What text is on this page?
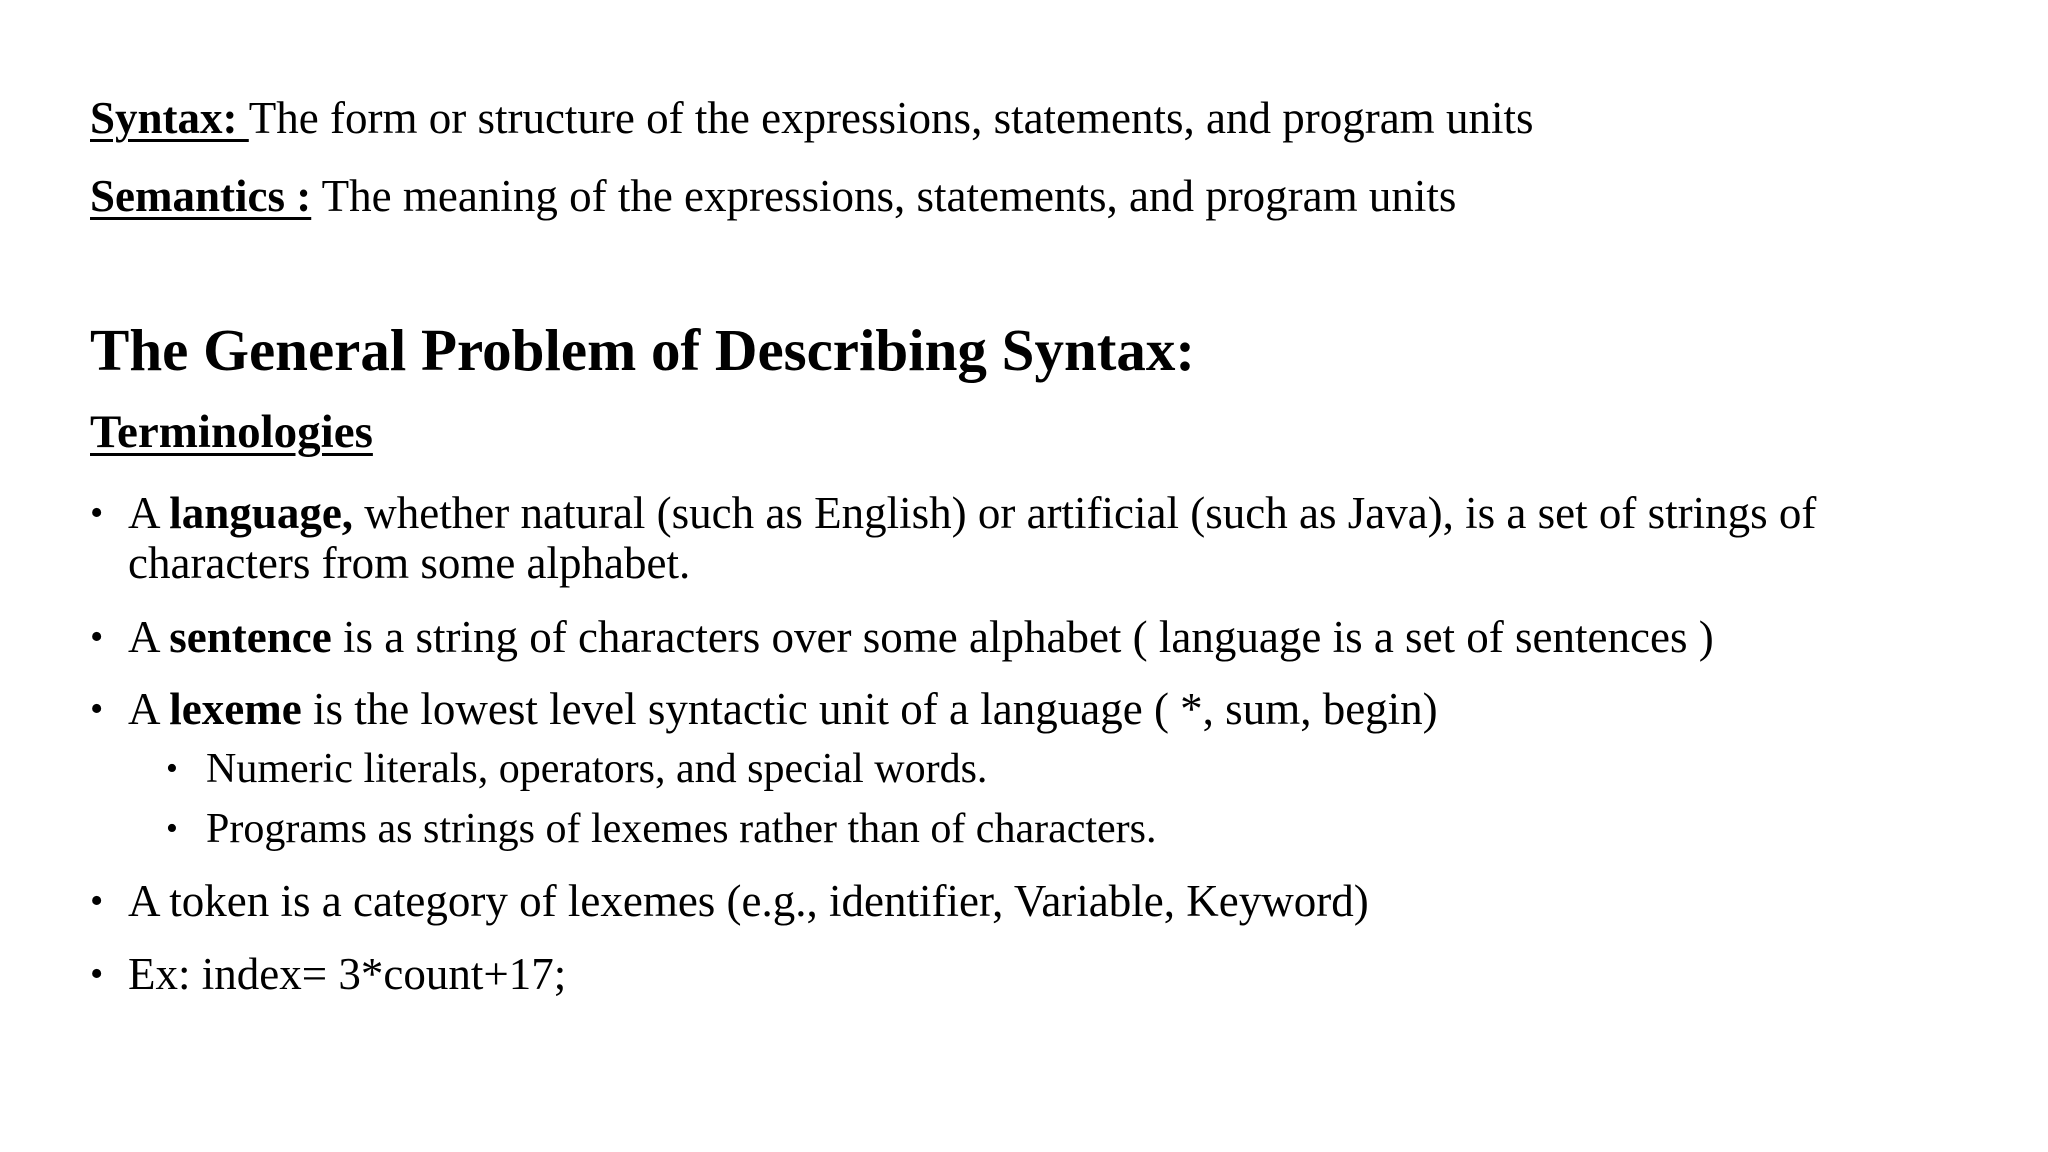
Syntax: The form or structure of the expressions, statements, and program units
Semantics : The meaning of the expressions, statements, and program units
The General Problem of Describing Syntax:
Terminologies
• A language, whether natural (such as English) or artificial (such as Java), is a set of strings of characters from some alphabet.
• A sentence is a string of characters over some alphabet ( language is a set of sentences )
• A lexeme is the lowest level syntactic unit of a language ( *, sum, begin)
• Numeric literals, operators, and special words.
• Programs as strings of lexemes rather than of characters.
• A token is a category of lexemes (e.g., identifier, Variable, Keyword)
• Ex: index= 3*count+17;
